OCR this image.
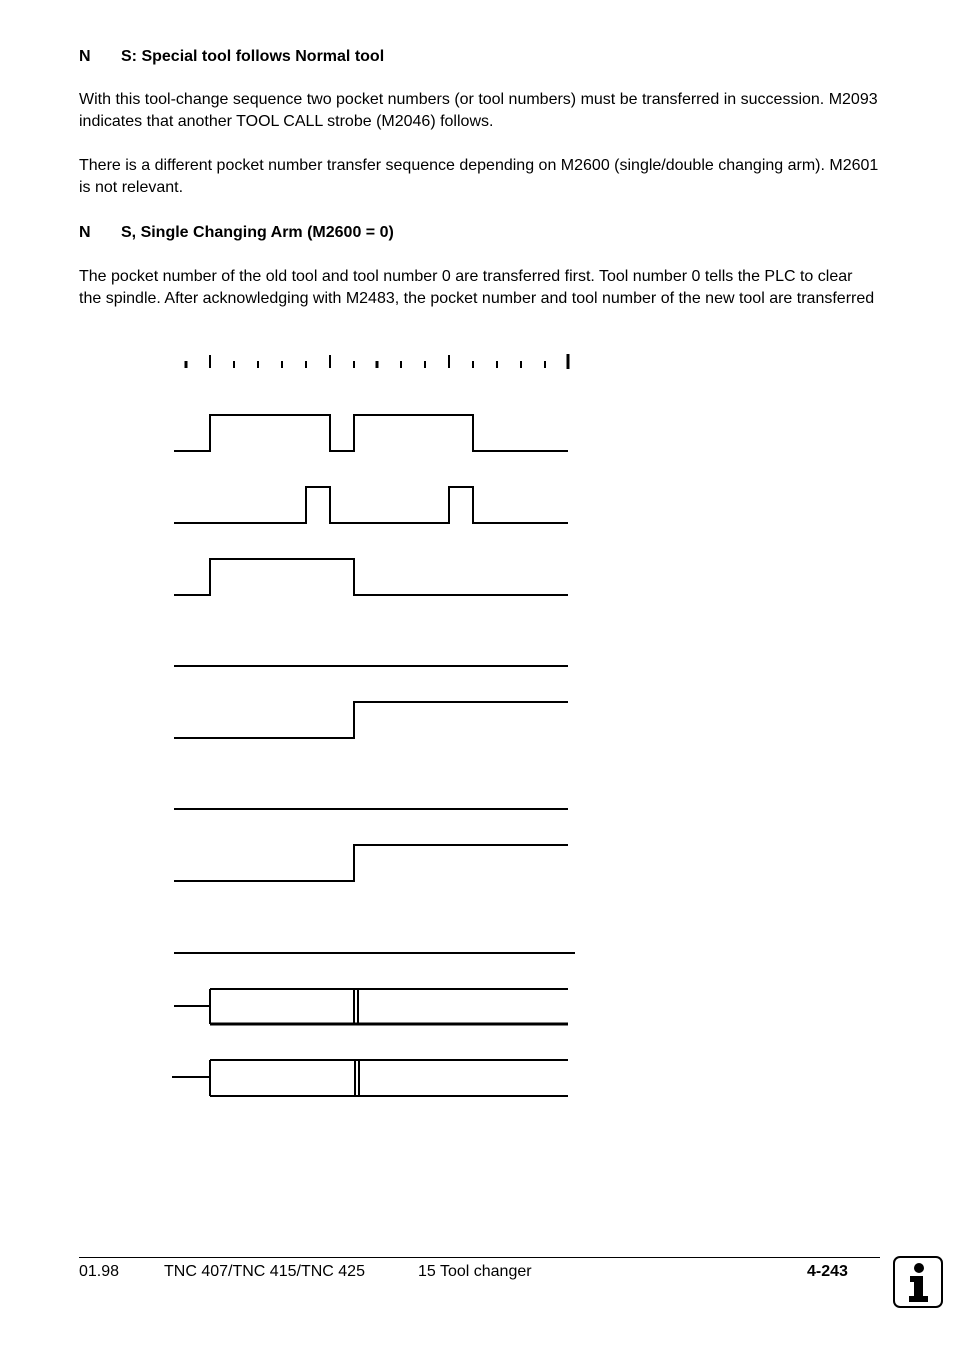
N S: Special tool follows Normal tool
With this tool-change sequence two pocket numbers (or tool numbers) must be transferred in succession. M2093 indicates that another TOOL CALL strobe (M2046) follows.
There is a different pocket number transfer sequence depending on M2600 (single/double changing arm). M2601 is not relevant.
N S, Single Changing Arm (M2600 = 0)
The pocket number of the old tool and tool number 0 are transferred first. Tool number 0 tells the PLC to clear the spindle. After acknowledging with M2483, the pocket number and tool number of the new tool are transferred
01.98	TNC 407/TNC 415/TNC 425	15 Tool changer	4-243
